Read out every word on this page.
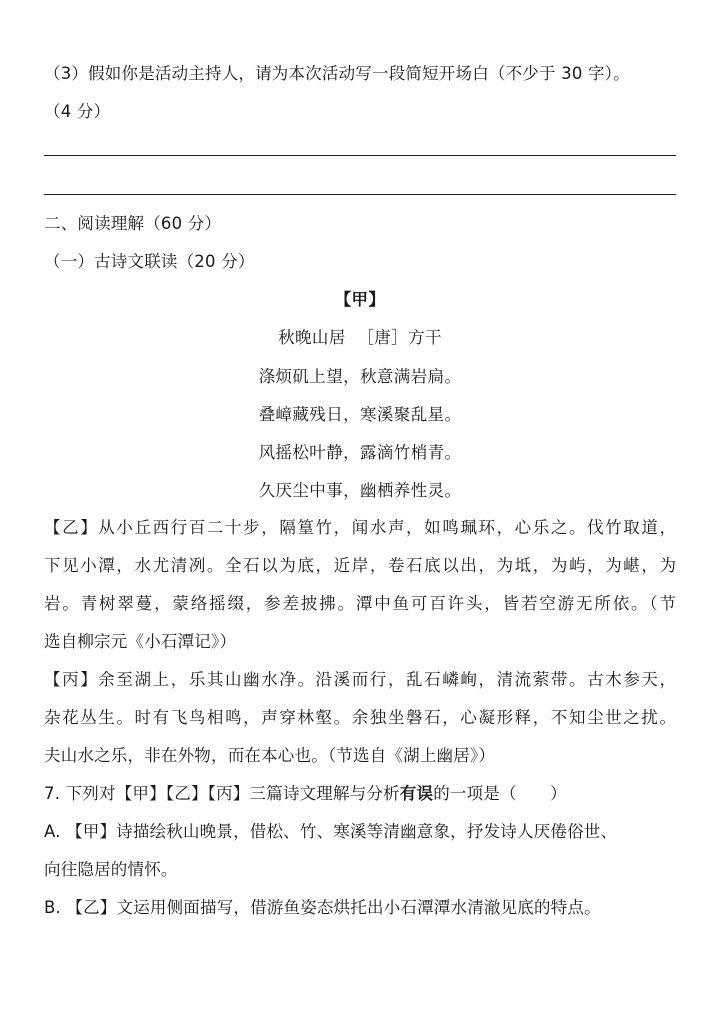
（3）假如你是活动主持人，请为本次活动写一段简短开场白（不少于 30 字）。
（4 分）
二、阅读理解（60 分）
（一）古诗文联读（20 分）
【甲】
秋晚山居 ［唐］方干
涤烦矶上望，秋意满岩扃。
叠嶂藏残日，寒溪聚乱星。
风摇松叶静，露滴竹梢青。
久厌尘中事，幽栖养性灵。
【乙】从小丘西行百二十步，隔篁竹，闻水声，如鸣珮环，心乐之。伐竹取道，
下见小潭，水尤清冽。全石以为底，近岸，卷石底以出，为坻，为屿，为嵁，为
岩。青树翠蔓，蒙络摇缀，参差披拂。潭中鱼可百许头，皆若空游无所依。（节
选自柳宗元《小石潭记》）
【丙】余至湖上，乐其山幽水净。沿溪而行，乱石嶙峋，清流萦带。古木参天，
杂花丛生。时有飞鸟相鸣，声穿林壑。余独坐磐石，心凝形释，不知尘世之扰。
夫山水之乐，非在外物，而在本心也。（节选自《湖上幽居》）
7. 下列对【甲】【乙】【丙】三篇诗文理解与分析有误的一项是（　　）
A. 【甲】诗描绘秋山晚景，借松、竹、寒溪等清幽意象，抒发诗人厌倦俗世、
向往隐居的情怀。
B. 【乙】文运用侧面描写，借游鱼姿态烘托出小石潭潭水清澈见底的特点。
